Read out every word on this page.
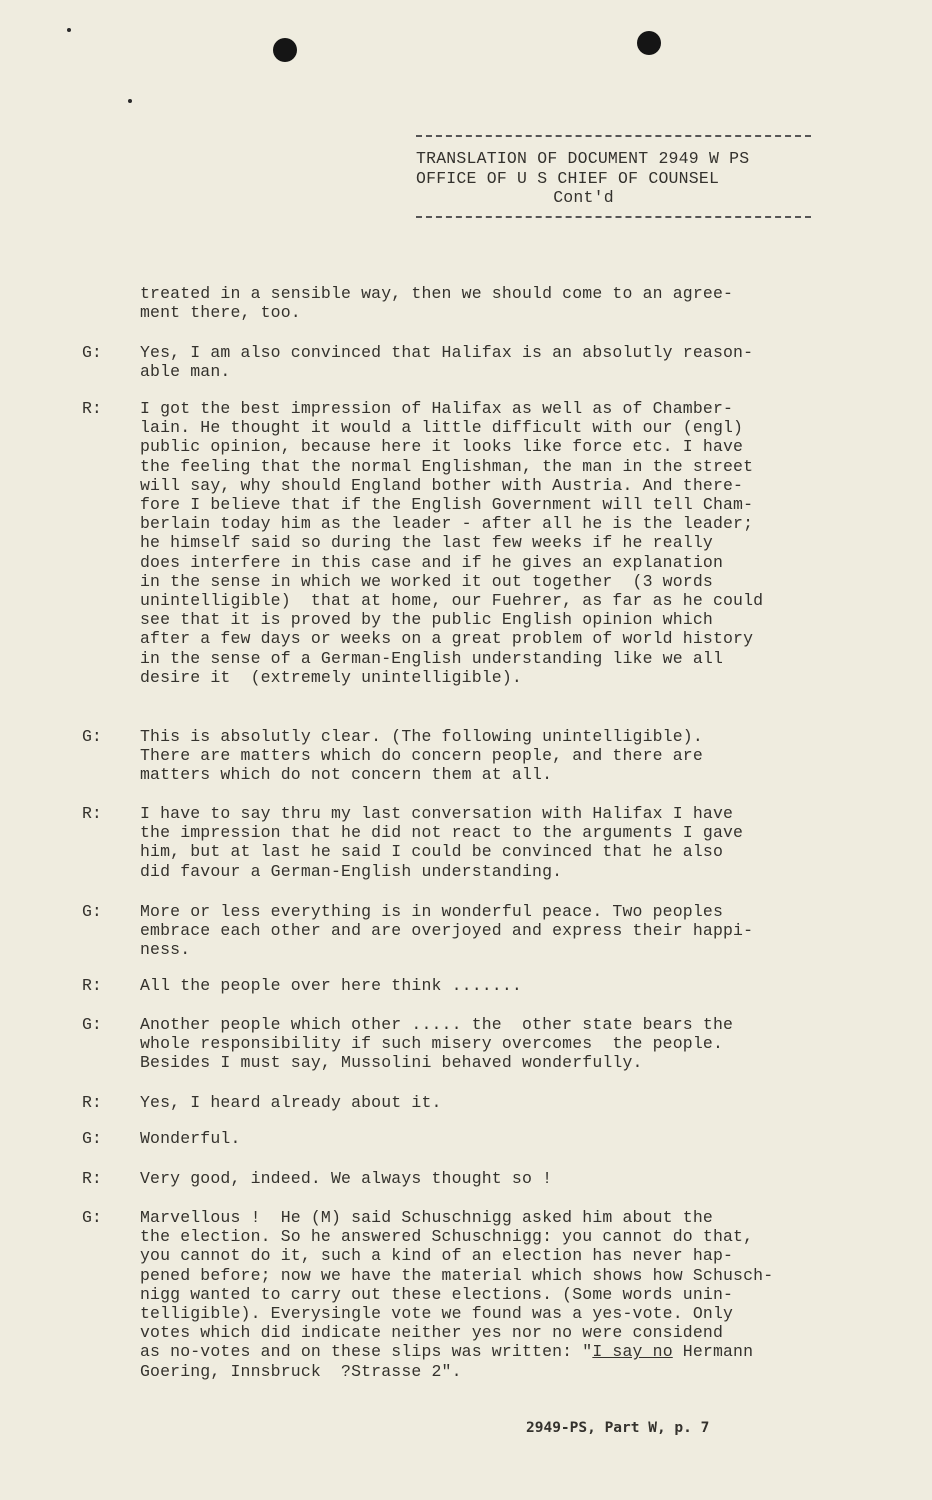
TRANSLATION OF DOCUMENT 2949 W PS
OFFICE OF U S CHIEF OF COUNSEL
Cont'd
treated in a sensible way, then we should come to an agree-
ment there, too.
G: Yes, I am also convinced that Halifax is an absolutly reason-
able man.
R: I got the best impression of Halifax as well as of Chamber-
lain. He thought it would a little difficult with our (engl)
public opinion, because here it looks like force etc. I have
the feeling that the normal Englishman, the man in the street
will say, why should England bother with Austria. And there-
fore I believe that if the English Government will tell Cham-
berlain today him as the leader - after all he is the leader;
he himself said so during the last few weeks if he really
does interfere in this case and if he gives an explanation
in the sense in which we worked it out together  (3 words
unintelligible)  that at home, our Fuehrer, as far as he could
see that it is proved by the public English opinion which
after a few days or weeks on a great problem of world history
in the sense of a German-English understanding like we all
desire it  (extremely unintelligible).
G: This is absolutly clear. (The following unintelligible).
There are matters which do concern people, and there are
matters which do not concern them at all.
R: I have to say thru my last conversation with Halifax I have
the impression that he did not react to the arguments I gave
him, but at last he said I could be convinced that he also
did favour a German-English understanding.
G: More or less everything is in wonderful peace. Two peoples
embrace each other and are overjoyed and express their happi-
ness.
R: All the people over here think .......
G: Another people which other ..... the  other state bears the
whole responsibility if such misery overcomes  the people.
Besides I must say, Mussolini behaved wonderfully.
R: Yes, I heard already about it.
G: Wonderful.
R: Very good, indeed. We always thought so !
G: Marvellous !  He (M) said Schuschnigg asked him about the
the election. So he answered Schuschnigg: you cannot do that,
you cannot do it, such a kind of an election has never hap-
pened before; now we have the material which shows how Schusch-
nigg wanted to carry out these elections. (Some words unin-
telligible). Everysingle vote we found was a yes-vote. Only
votes which did indicate neither yes nor no were considend
as no-votes and on these slips was written: "I say no Hermann
Goering, Innsbruck  ?Strasse 2".
2949-PS, Part W, p. 7
